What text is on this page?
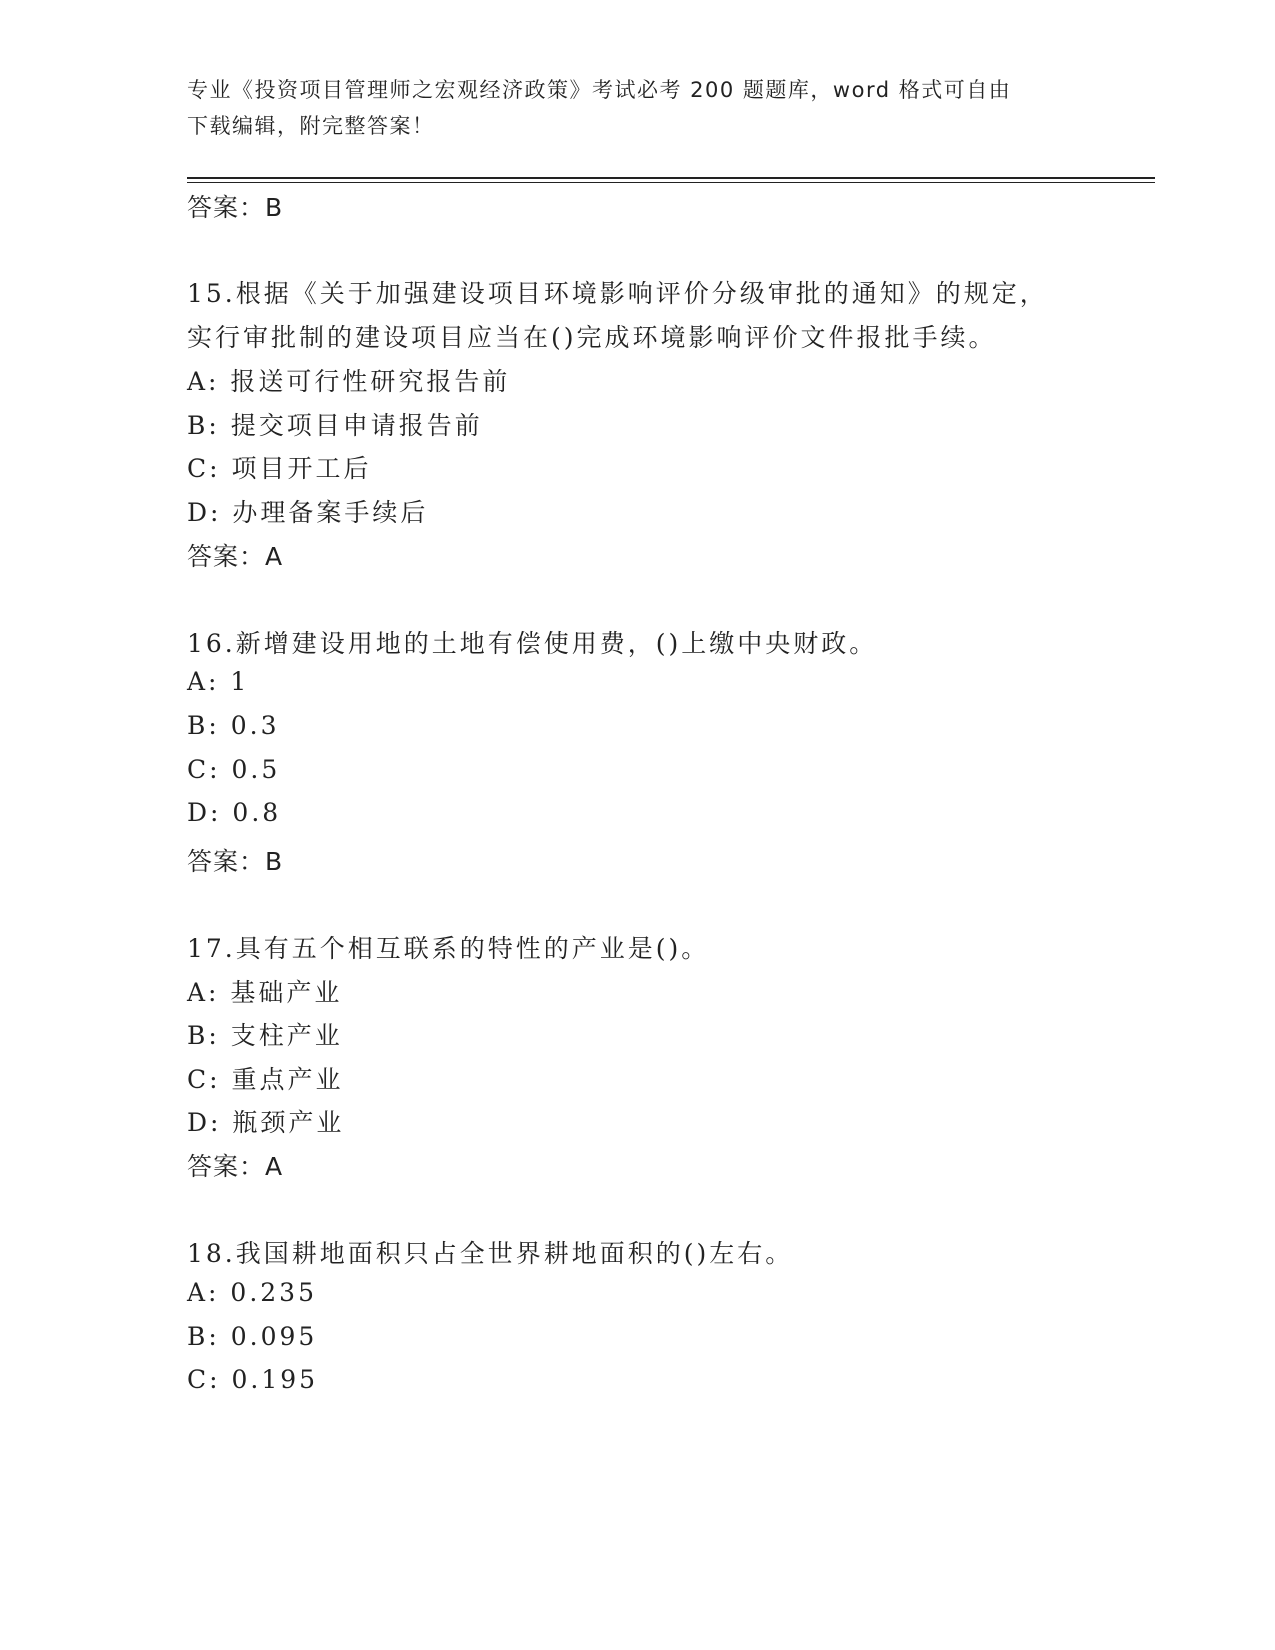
专业《投资项目管理师之宏观经济政策》考试必考 200 题题库，word 格式可自由
下载编辑，附完整答案！
答案：B
15.根据《关于加强建设项目环境影响评价分级审批的通知》的规定，
实行审批制的建设项目应当在()完成环境影响评价文件报批手续。
A: 报送可行性研究报告前
B: 提交项目申请报告前
C: 项目开工后
D: 办理备案手续后
答案：A
16.新增建设用地的土地有偿使用费，()上缴中央财政。
A: 1
B: 0.3
C: 0.5
D: 0.8
答案：B
17.具有五个相互联系的特性的产业是()。
A: 基础产业
B: 支柱产业
C: 重点产业
D: 瓶颈产业
答案：A
18.我国耕地面积只占全世界耕地面积的()左右。
A: 0.235
B: 0.095
C: 0.195
